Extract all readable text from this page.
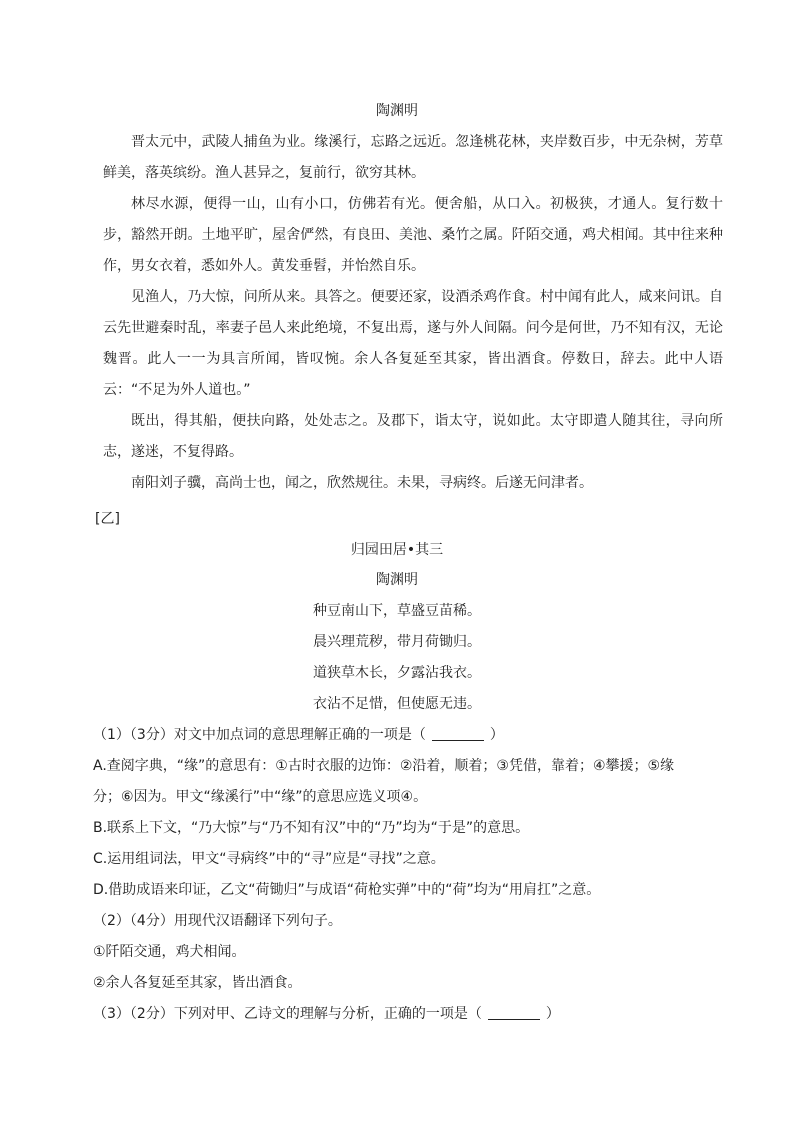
陶渊明
晋太元中，武陵人捕鱼为业。缘溪行，忘路之远近。忽逢桃花林，夹岸数百步，中无杂树，芳草鲜美，落英缤纷。渔人甚异之，复前行，欲穷其林。
林尽水源，便得一山，山有小口，仿佛若有光。便舍船，从口入。初极狭，才通人。复行数十步，豁然开朗。土地平旷，屋舍俨然，有良田、美池、桑竹之属。阡陌交通，鸡犬相闻。其中往来种作，男女衣着，悉如外人。黄发垂髫，并怡然自乐。
见渔人，乃大惊，问所从来。具答之。便要还家，设酒杀鸡作食。村中闻有此人，咸来问讯。自云先世避秦时乱，率妻子邑人来此绝境，不复出焉，遂与外人间隔。问今是何世，乃不知有汉，无论魏晋。此人一一为具言所闻，皆叹惋。余人各复延至其家，皆出酒食。停数日，辞去。此中人语云：“不足为外人道也。”
既出，得其船，便扶向路，处处志之。及郡下，诣太守，说如此。太守即遣人随其往，寻向所志，遂迷，不复得路。
南阳刘子骥，高尚士也，闻之，欣然规往。未果，寻病终。后遂无问津者。
[乙]
归园田居•其三
陶渊明
种豆南山下，草盛豆苗稀。
晨兴理荒秽，带月荷锄归。
道狭草木长，夕露沾我衣。
衣沾不足惜，但使愿无违。
（1）（3分）对文中加点词的意思理解正确的一项是（	）
A.查阅字典，“缘”的意思有：①古时衣服的边饰：②沿着，顺着；③凭借，靠着；④攀援；⑤缘
分；⑥因为。甲文“缘溪行”中“缘”的意思应选义项④。
B.联系上下文，“乃大惊”与“乃不知有汉”中的“乃”均为“于是”的意思。
C.运用组词法，甲文“寻病终”中的“寻”应是“寻找”之意。
D.借助成语来印证，乙文“荷锄归”与成语“荷枪实弹”中的“荷”均为“用肩扛”之意。
（2）（4分）用现代汉语翻译下列句子。
①阡陌交通，鸡犬相闻。
②余人各复延至其家，皆出酒食。
（3）（2分）下列对甲、乙诗文的理解与分析，正确的一项是（	）
